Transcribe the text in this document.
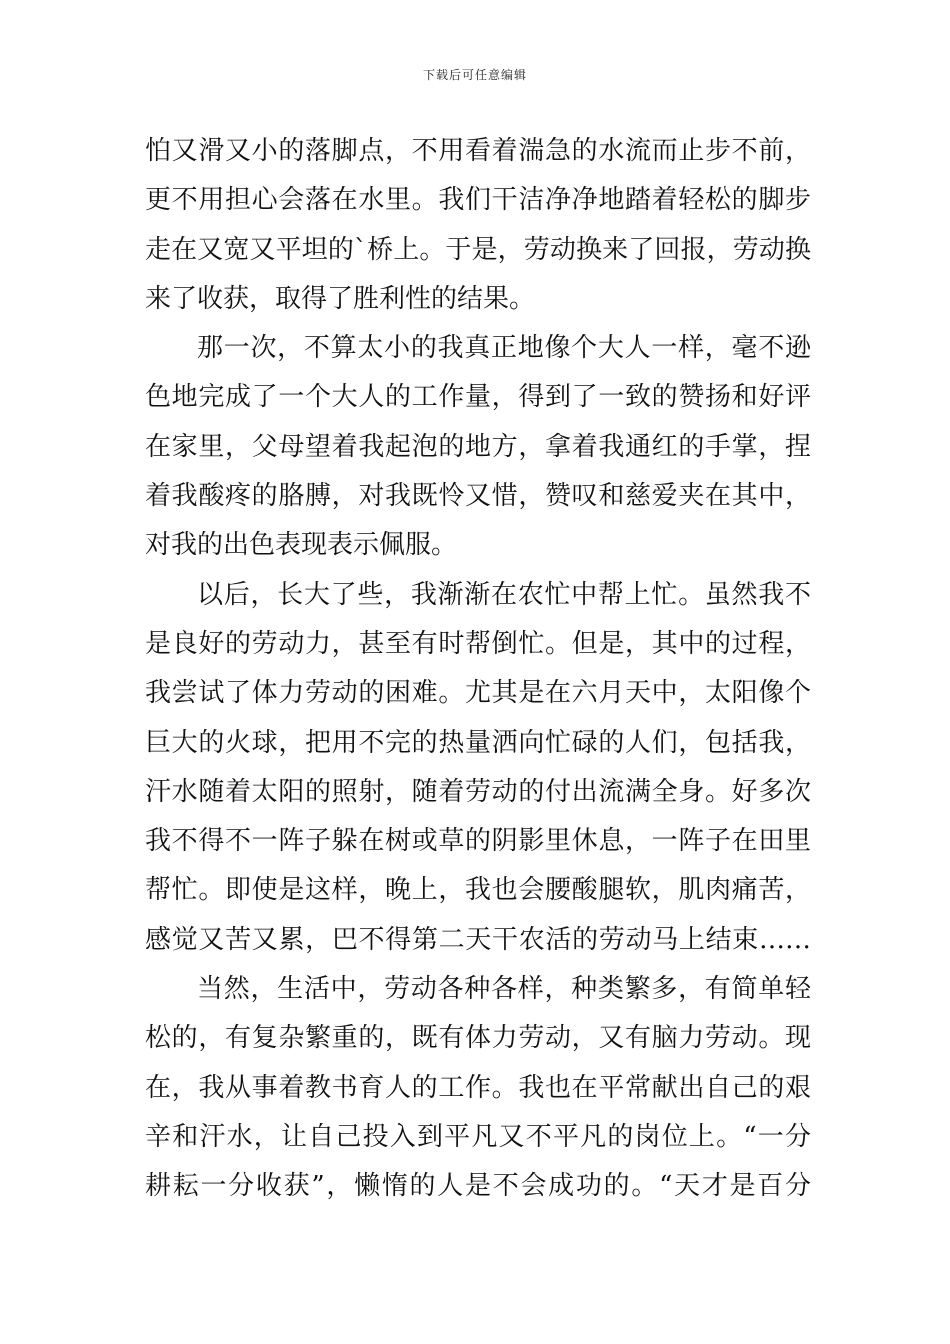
下载后可任意编辑
怕又滑又小的落脚点，不用看着湍急的水流而止步不前，
更不用担心会落在水里。我们干洁净净地踏着轻松的脚步
走在又宽又平坦的`桥上。于是，劳动换来了回报，劳动换
来了收获，取得了胜利性的结果。
那一次，不算太小的我真正地像个大人一样，毫不逊
色地完成了一个大人的工作量，得到了一致的赞扬和好评
在家里，父母望着我起泡的地方，拿着我通红的手掌，捏
着我酸疼的胳膊，对我既怜又惜，赞叹和慈爱夹在其中，
对我的出色表现表示佩服。
以后，长大了些，我渐渐在农忙中帮上忙。虽然我不
是良好的劳动力，甚至有时帮倒忙。但是，其中的过程，
我尝试了体力劳动的困难。尤其是在六月天中，太阳像个
巨大的火球，把用不完的热量洒向忙碌的人们，包括我，
汗水随着太阳的照射，随着劳动的付出流满全身。好多次
我不得不一阵子躲在树或草的阴影里休息，一阵子在田里
帮忙。即使是这样，晚上，我也会腰酸腿软，肌肉痛苦，
感觉又苦又累，巴不得第二天干农活的劳动马上结束……
当然，生活中，劳动各种各样，种类繁多，有简单轻
松的，有复杂繁重的，既有体力劳动，又有脑力劳动。现
在，我从事着教书育人的工作。我也在平常献出自己的艰
辛和汗水，让自己投入到平凡又不平凡的岗位上。“一分
耕耘一分收获”，懒惰的人是不会成功的。“天才是百分
